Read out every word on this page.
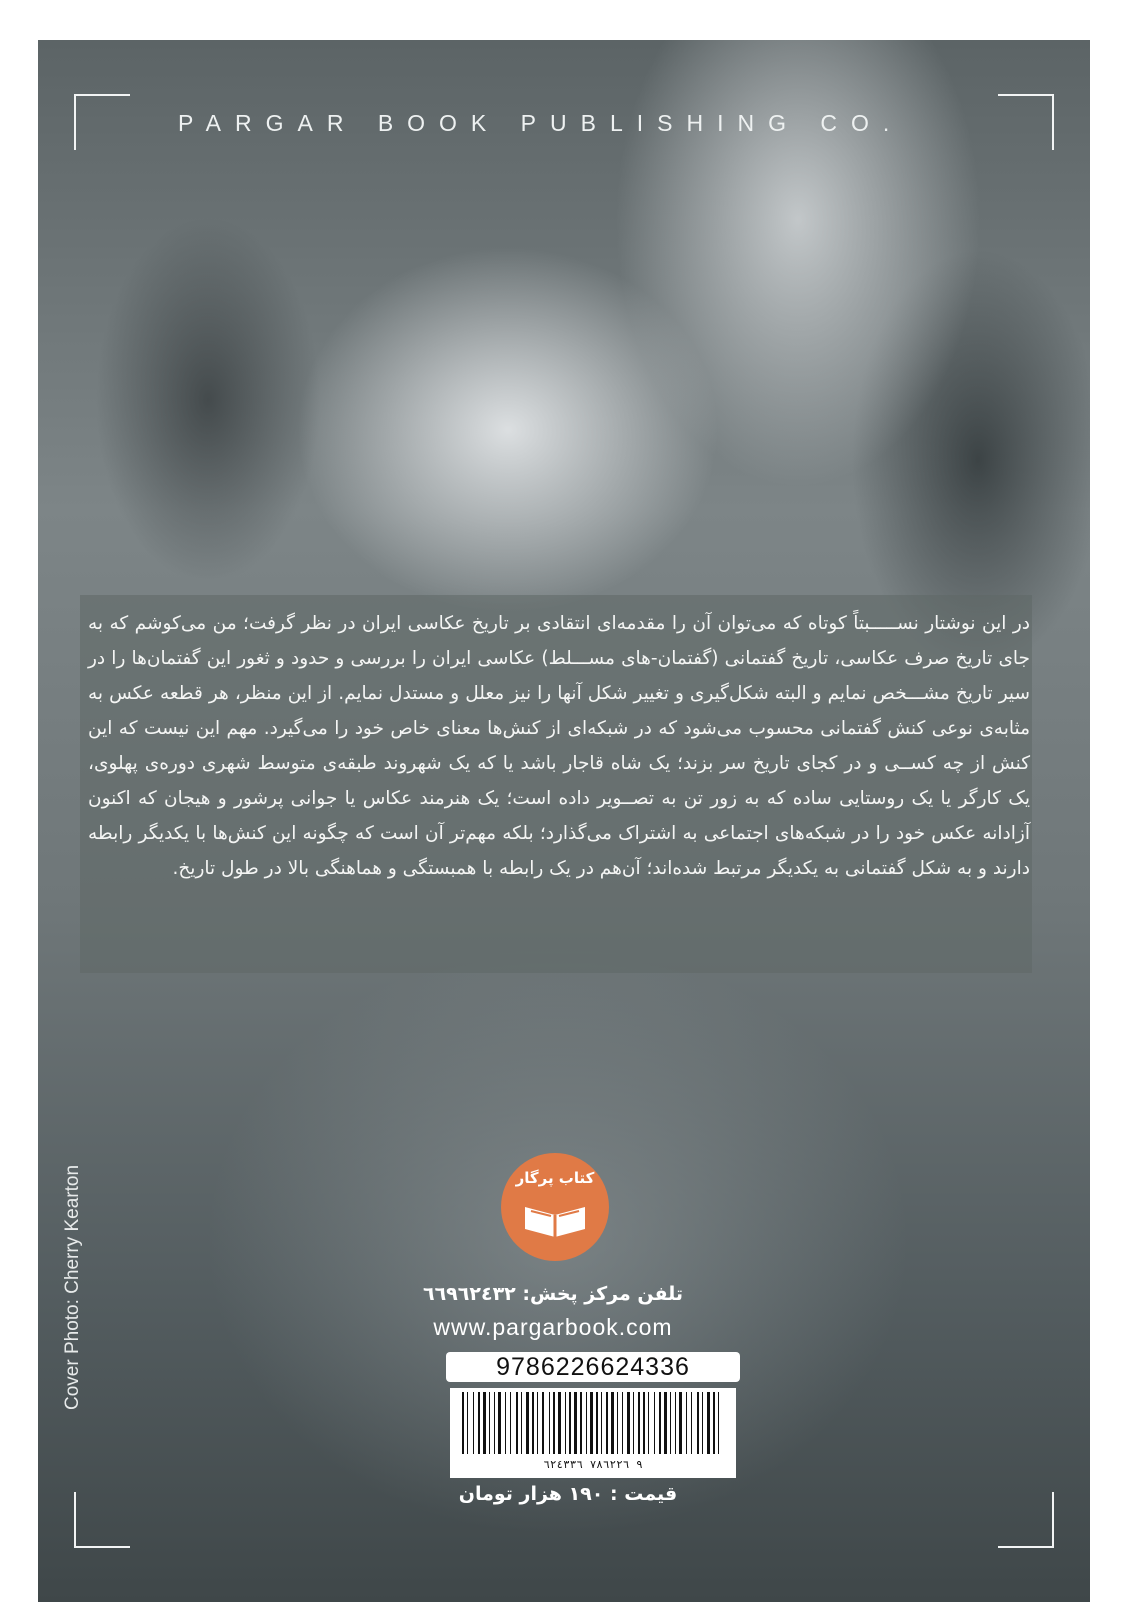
PARGAR BOOK PUBLISHING CO.
در این نوشتار نســـــبتاً کوتاه که می‌توان آن را مقدمه‌ای انتقادی بر تاریخ عکاسی ایران در نظر گرفت؛ من می‌کوشم که به جای تاریخ صرف عکاسی، تاریخ گفتمانی (گفتمان-های مســـلط) عکاسی ایران را بررسی و حدود و ثغور این گفتمان‌ها را در سیر تاریخ مشـــخص نمایم و البته شکل‌گیری و تغییر شکل آنها را نیز معلل و مستدل نمایم. از این منظر، هر قطعه عکس به مثابه‌ی نوعی کنش گفتمانی محسوب می‌شود که در شبکه‌ای از کنش‌ها معنای خاص خود را می‌گیرد. مهم این نیست که این کنش از چه کســی و در کجای تاریخ سر بزند؛ یک شاه قاجار باشد یا که یک شهروند طبقه‌ی متوسط شهری دوره‌ی پهلوی، یک کارگر یا یک روستایی ساده که به زور تن به تصــویر داده است؛ یک هنرمند عکاس یا جوانی پرشور و هیجان که اکنون آزادانه عکس خود را در شبکه‌های اجتماعی به اشتراک می‌گذارد؛ بلکه مهم‌تر آن است که چگونه این کنش‌ها با یکدیگر رابطه دارند و به شکل گفتمانی به یکدیگر مرتبط شده‌اند؛ آن‌هم در یک رابطه با همبستگی و هماهنگی بالا در طول تاریخ.
Cover Photo: Cherry Kearton	کتاب پرگار
تلفن مرکز پخش: ٦٦٩٦٢٤٣٢
www.pargarbook.com
9786226624336
٩ ٧٨٦٢٢٦ ٦٢٤٣٣٦
قیمت : ١٩٠ هزار تومان
